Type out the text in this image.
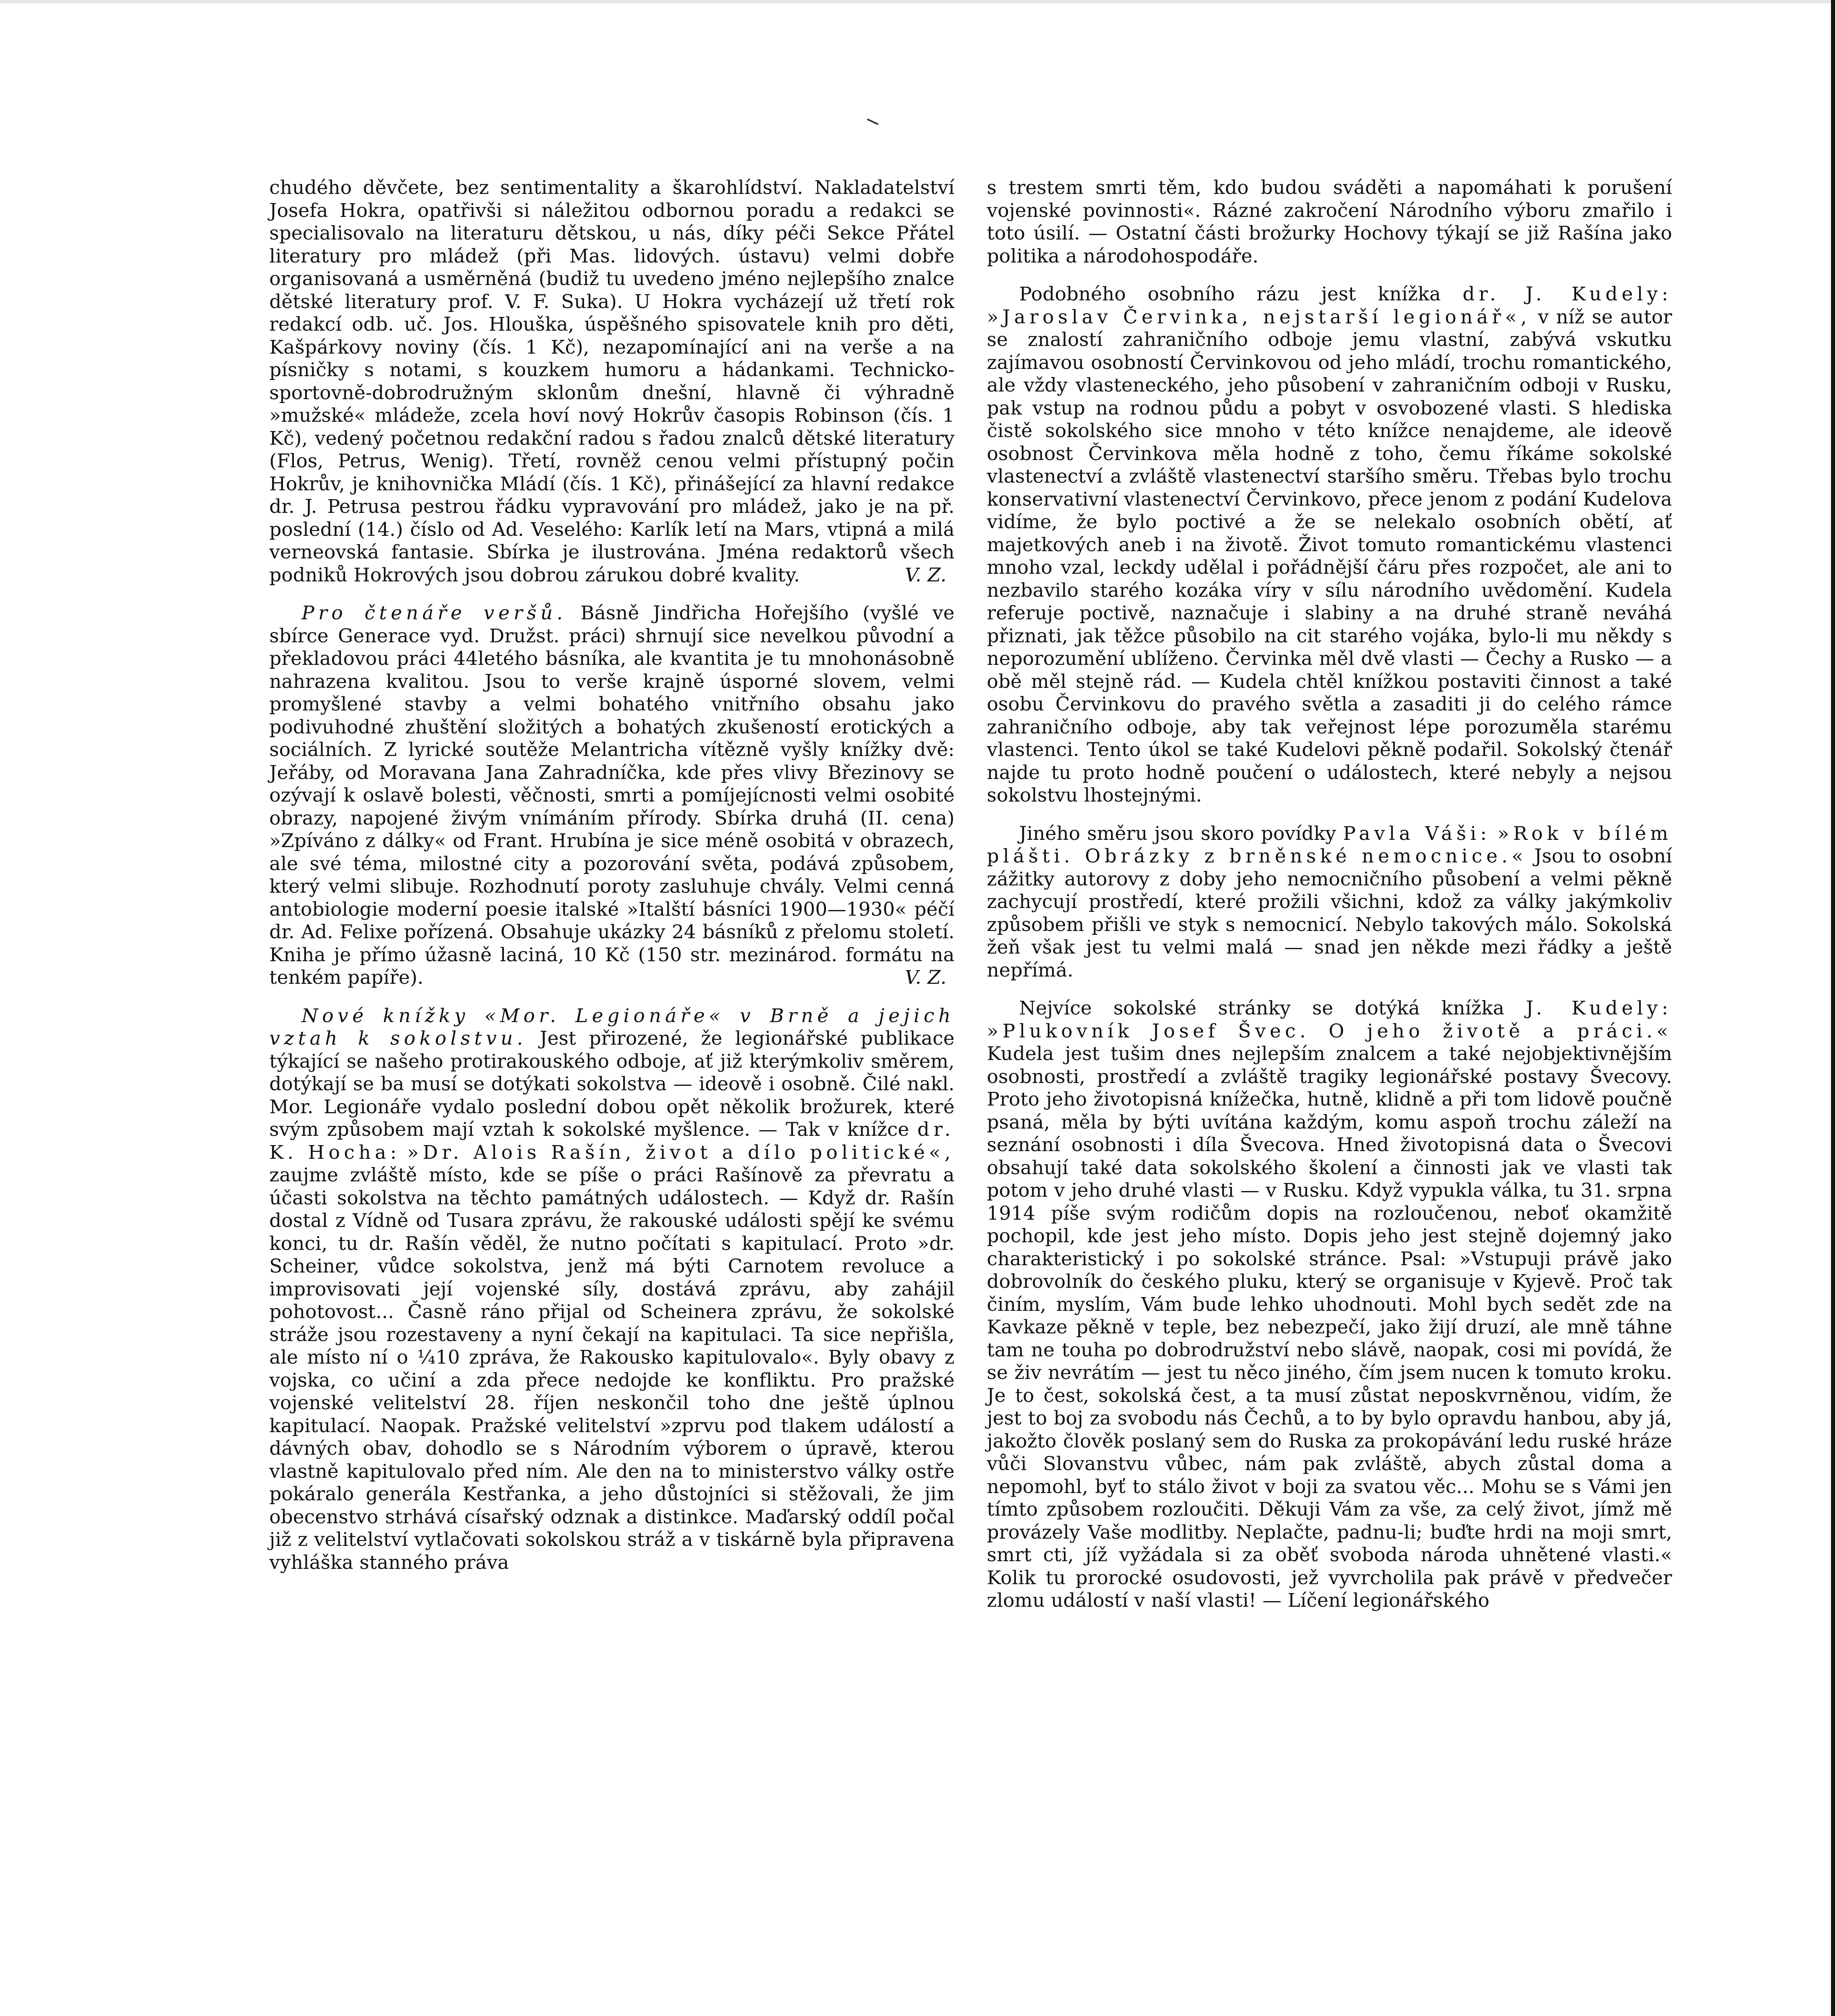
chudého děvčete, bez sentimentality a škarohlídství. Nakladatelství Josefa Hokra, opatřivši si náležitou odbornou poradu a redakci se specialisovalo na literaturu dětskou, u nás, díky péči Sekce Přátel literatury pro mládež (při Mas. lidových. ústavu) velmi dobře organisovaná a usměrněná (budiž tu uvedeno jméno nejlepšího znalce dětské literatury prof. V. F. Suka). U Hokra vycházejí už třetí rok redakcí odb. uč. Jos. Hlouška, úspěšného spisovatele knih pro děti, Kašpárkovy noviny (čís. 1 Kč), nezapomínající ani na verše a na písničky s notami, s kouzkem humoru a hádankami. Technicko-sportovně-dobrodružným sklonům dnešní, hlavně či výhradně »mužské« mládeže, zcela hoví nový Hokrův časopis Robinson (čís. 1 Kč), vedený početnou redakční radou s řadou znalců dětské literatury (Flos, Petrus, Wenig). Třetí, rovněž cenou velmi přístupný počin Hokrův, je knihovnička Mládí (čís. 1 Kč), přinášející za hlavní redakce dr. J. Petrusa pestrou řádku vypravování pro mládež, jako je na př. poslední (14.) číslo od Ad. Veselého: Karlík letí na Mars, vtipná a milá verneovská fantasie. Sbírka je ilustrována. Jména redaktorů všech podniků Hokrových jsou dobrou zárukou dobré kvality.	V. Z.

Pro čtenáře veršů. Básně Jindřicha Hořejšího (vyšlé ve sbírce Generace vyd. Družst. práci) shrnují sice nevelkou původní a překladovou práci 44letého básníka, ale kvantita je tu mnohonásobně nahrazena kvalitou. Jsou to verše krajně úsporné slovem, velmi promyšlené stavby a velmi bohatého vnitřního obsahu jako podivuhodné zhuštění složitých a bohatých zkušeností erotických a sociálních. Z lyrické soutěže Melantricha vítězně vyšly knížky dvě: Jeřáby, od Moravana Jana Zahradníčka, kde přes vlivy Březinovy se ozývají k oslavě bolesti, věčnosti, smrti a pomíjejícnosti velmi osobité obrazy, napojené živým vnímáním přírody. Sbírka druhá (II. cena) »Zpíváno z dálky« od Frant. Hrubína je sice méně osobitá v obrazech, ale své téma, milostné city a pozorování světa, podává způsobem, který velmi slibuje. Rozhodnutí poroty zasluhuje chvály. Velmi cenná antobiologie moderní poesie italské »Italští básníci 1900—1930« péčí dr. Ad. Felixe pořízená. Obsahuje ukázky 24 básníků z přelomu století. Kniha je přímo úžasně laciná, 10 Kč (150 str. mezinárod. formátu na tenkém papíře).	V. Z.

Nové knížky «Mor. Legionáře« v Brně a jejich vztah k sokolstvu. Jest přirozené, že legionářské publikace týkající se našeho protirakouského odboje, ať již kterýmkoliv směrem, dotýkají se ba musí se dotýkati sokolstva — ideově i osobně. Čilé nakl. Mor. Legionáře vydalo poslední dobou opět několik brožurek, které svým způsobem mají vztah k sokolské myšlence. — Tak v knížce dr. K. Hocha: »Dr. Alois Rašín, život a dílo politické«, zaujme zvláště místo, kde se píše o práci Rašínově za převratu a účasti sokolstva na těchto památných událostech. — Když dr. Rašín dostal z Vídně od Tusara zprávu, že rakouské události spějí ke svému konci, tu dr. Rašín věděl, že nutno počítati s kapitulací. Proto »dr. Scheiner, vůdce sokolstva, jenž má býti Carnotem revoluce a improvisovati její vojenské síly, dostává zprávu, aby zahájil pohotovost... Časně ráno přijal od Scheinera zprávu, že sokolské stráže jsou rozestaveny a nyní čekají na kapitulaci. Ta sice nepřišla, ale místo ní o ¼10 zpráva, že Rakousko kapitulovalo«. Byly obavy z vojska, co učiní a zda přece nedojde ke konfliktu. Pro pražské vojenské velitelství 28. říjen neskončil toho dne ještě úplnou kapitulací. Naopak. Pražské velitelství »zprvu pod tlakem událostí a dávných obav, dohodlo se s Národním výborem o úpravě, kterou vlastně kapitulovalo před ním. Ale den na to ministerstvo války ostře pokáralo generála Kestřanka, a jeho důstojníci si stěžovali, že jim obecenstvo strhává císařský odznak a distinkce. Maďarský oddíl počal již z velitelství vytlačovati sokolskou stráž a v tiskárně byla připravena vyhláška stanného práva

s trestem smrti těm, kdo budou sváděti a napomáhati k porušení vojenské povinnosti«. Rázné zakročení Národního výboru zmařilo i toto úsilí. — Ostatní části brožurky Hochovy týkají se již Rašína jako politika a národohospodáře.

Podobného osobního rázu jest knížka dr. J. Kudely: »Jaroslav Červinka, nejstarší legionář«, v níž se autor se znalostí zahraničního odboje jemu vlastní, zabývá vskutku zajímavou osobností Červinkovou od jeho mládí, trochu romantického, ale vždy vlasteneckého, jeho působení v zahraničním odboji v Rusku, pak vstup na rodnou půdu a pobyt v osvobozené vlasti. S hlediska čistě sokolského sice mnoho v této knížce nenajdeme, ale ideově osobnost Červinkova měla hodně z toho, čemu říkáme sokolské vlastenectví a zvláště vlastenectví staršího směru. Třebas bylo trochu konservativní vlastenectví Červinkovo, přece jenom z podání Kudelova vidíme, že bylo poctivé a že se nelekalo osobních obětí, ať majetkových aneb i na životě. Život tomuto romantickému vlastenci mnoho vzal, leckdy udělal i pořádnější čáru přes rozpočet, ale ani to nezbavilo starého kozáka víry v sílu národního uvědomění. Kudela referuje poctivě, naznačuje i slabiny a na druhé straně neváhá přiznati, jak těžce působilo na cit starého vojáka, bylo-li mu někdy s neporozumění ublíženo. Červinka měl dvě vlasti — Čechy a Rusko — a obě měl stejně rád. — Kudela chtěl knížkou postaviti činnost a také osobu Červinkovu do pravého světla a zasaditi ji do celého rámce zahraničního odboje, aby tak veřejnost lépe porozuměla starému vlastenci. Tento úkol se také Kudelovi pěkně podařil. Sokolský čtenář najde tu proto hodně poučení o událostech, které nebyly a nejsou sokolstvu lhostejnými.

Jiného směru jsou skoro povídky Pavla Váši: »Rok v bílém plášti. Obrázky z brněnské nemocnice.« Jsou to osobní zážitky autorovy z doby jeho nemocničního působení a velmi pěkně zachycují prostředí, které prožili všichni, kdož za války jakýmkoliv způsobem přišli ve styk s nemocnicí. Nebylo takových málo. Sokolská žeň však jest tu velmi malá — snad jen někde mezi řádky a ještě nepřímá.

Nejvíce sokolské stránky se dotýká knížka J. Kudely: »Plukovník Josef Švec. O jeho životě a práci.« Kudela jest tušim dnes nejlepším znalcem a také nejobjektivnějším osobnosti, prostředí a zvláště tragiky legionářské postavy Švecovy. Proto jeho životopisná knížečka, hutně, klidně a při tom lidově poučně psaná, měla by býti uvítána každým, komu aspoň trochu záleží na seznání osobnosti i díla Švecova. Hned životopisná data o Švecovi obsahují také data sokolského školení a činnosti jak ve vlasti tak potom v jeho druhé vlasti — v Rusku. Když vypukla válka, tu 31. srpna 1914 píše svým rodičům dopis na rozloučenou, neboť okamžitě pochopil, kde jest jeho místo. Dopis jeho jest stejně dojemný jako charakteristický i po sokolské stránce. Psal: »Vstupuji právě jako dobrovolník do českého pluku, který se organisuje v Kyjevě. Proč tak činím, myslím, Vám bude lehko uhodnouti. Mohl bych sedět zde na Kavkaze pěkně v teple, bez nebezpečí, jako žijí druzí, ale mně táhne tam ne touha po dobrodružství nebo slávě, naopak, cosi mi povídá, že se živ nevrátím — jest tu něco jiného, čím jsem nucen k tomuto kroku. Je to čest, sokolská čest, a ta musí zůstat neposkvrněnou, vidím, že jest to boj za svobodu nás Čechů, a to by bylo opravdu hanbou, aby já, jakožto člověk poslaný sem do Ruska za prokopávání ledu ruské hráze vůči Slovanstvu vůbec, nám pak zvláště, abych zůstal doma a nepomohl, byť to stálo život v boji za svatou věc... Mohu se s Vámi jen tímto způsobem rozloučiti. Děkuji Vám za vše, za celý život, jímž mě provázely Vaše modlitby. Neplačte, padnu-li; buďte hrdi na moji smrt, smrt cti, jíž vyžádala si za oběť svoboda národa uhnětené vlasti.« Kolik tu prorocké osudovosti, jež vyvrcholila pak právě v předvečer zlomu událostí v naší vlasti! — Líčení legionářského
